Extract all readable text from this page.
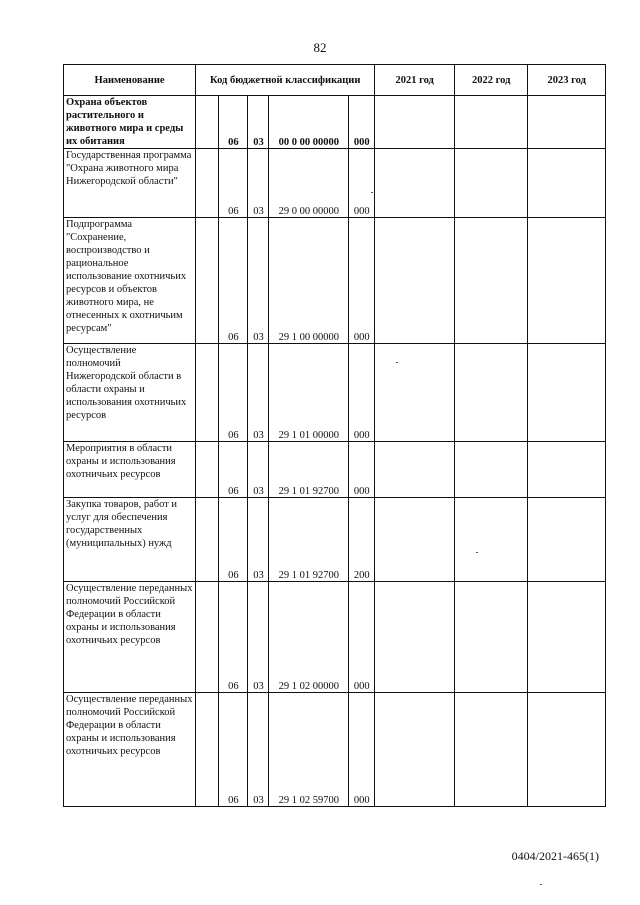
82
Наименование	Код бюджетной классификации					2021 год	2022 год	2023 год
Охрана объектов растительного и животного мира и среды их обитания		06	03	00 0 00 00000	000			
Государственная программа "Охрана животного мира Нижегородской области"		06	03	29 0 00 00000	000			
Подпрограмма "Сохранение, воспроизводство и рациональное использование охотничьих ресурсов и объектов животного мира, не отнесенных к охотничьим ресурсам"		06	03	29 1 00 00000	000			
Осуществление полномочий Нижегородской области в области охраны и использования охотничьих ресурсов		06	03	29 1 01 00000	000			
Мероприятия в области охраны и использования охотничьих ресурсов		06	03	29 1 01 92700	000			
Закупка товаров, работ и услуг для обеспечения государственных (муниципальных) нужд		06	03	29 1 01 92700	200			
Осуществление переданных полномочий Российской Федерации в области охраны и использования охотничьих ресурсов		06	03	29 1 02 00000	000			
Осуществление переданных полномочий Российской Федерации в области охраны и использования охотничьих ресурсов		06	03	29 1 02 59700	000			
0404/2021-465(1)
